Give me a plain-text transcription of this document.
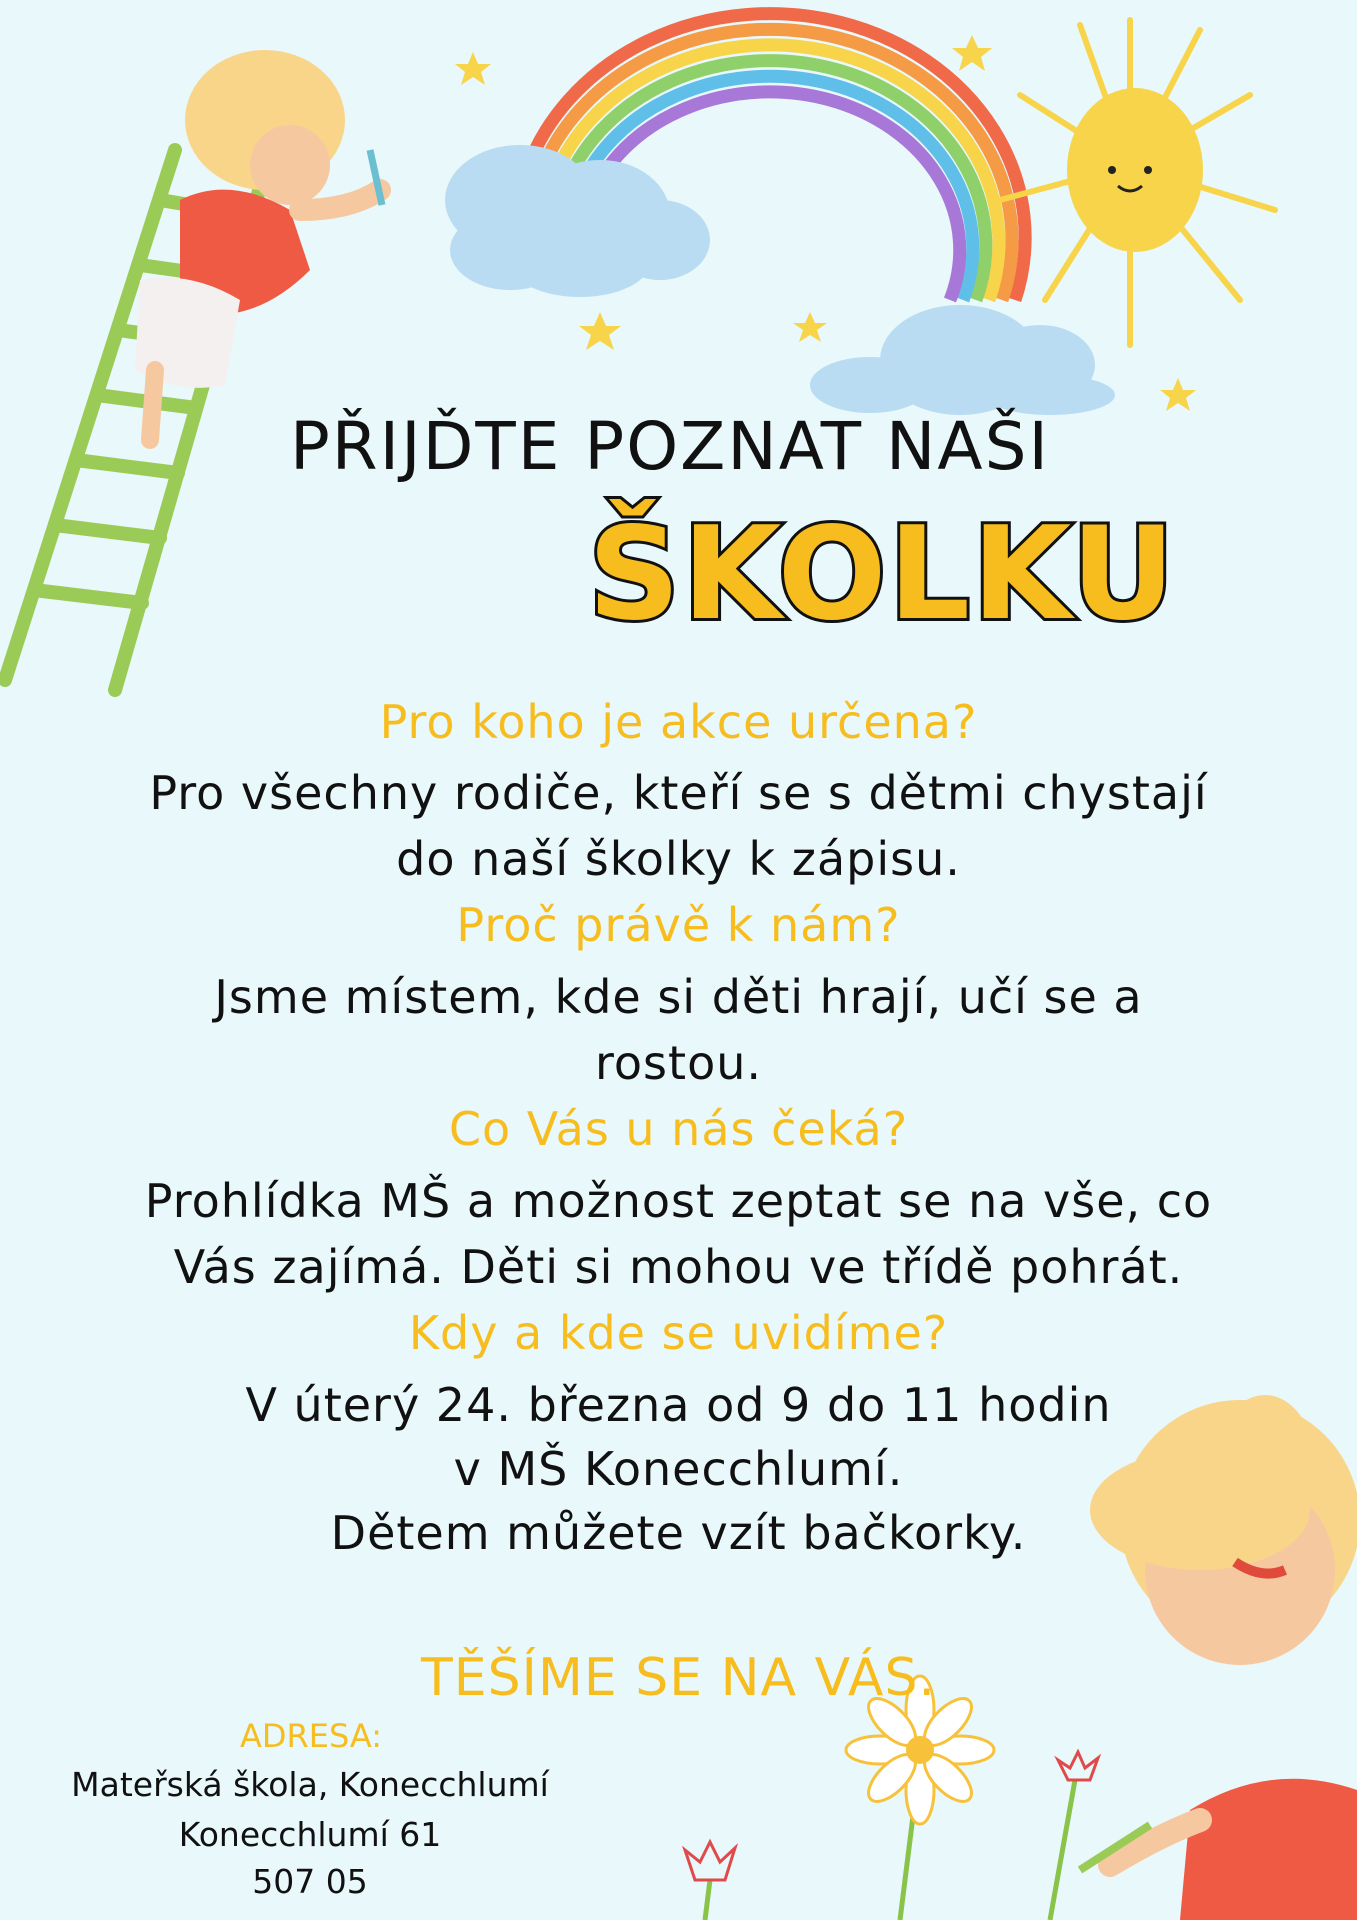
PŘIJĎTE POZNAT NAŠI
ŠKOLKU
Pro koho je akce určena?
Pro všechny rodiče, kteří se s dětmi chystají
do naší školky k zápisu.
Proč právě k nám?
Jsme místem, kde si děti hrají, učí se a
rostou.
Co Vás u nás čeká?
Prohlídka MŠ a možnost zeptat se na vše, co
Vás zajímá. Děti si mohou ve třídě pohrát.
Kdy a kde se uvidíme?
V úterý 24. března od 9 do 11 hodin
v MŠ Konecchlumí.
Dětem můžete vzít bačkorky.
TĚŠÍME SE NA VÁS.
ADRESA:
Mateřská škola, Konecchlumí
Konecchlumí 61
507 05
